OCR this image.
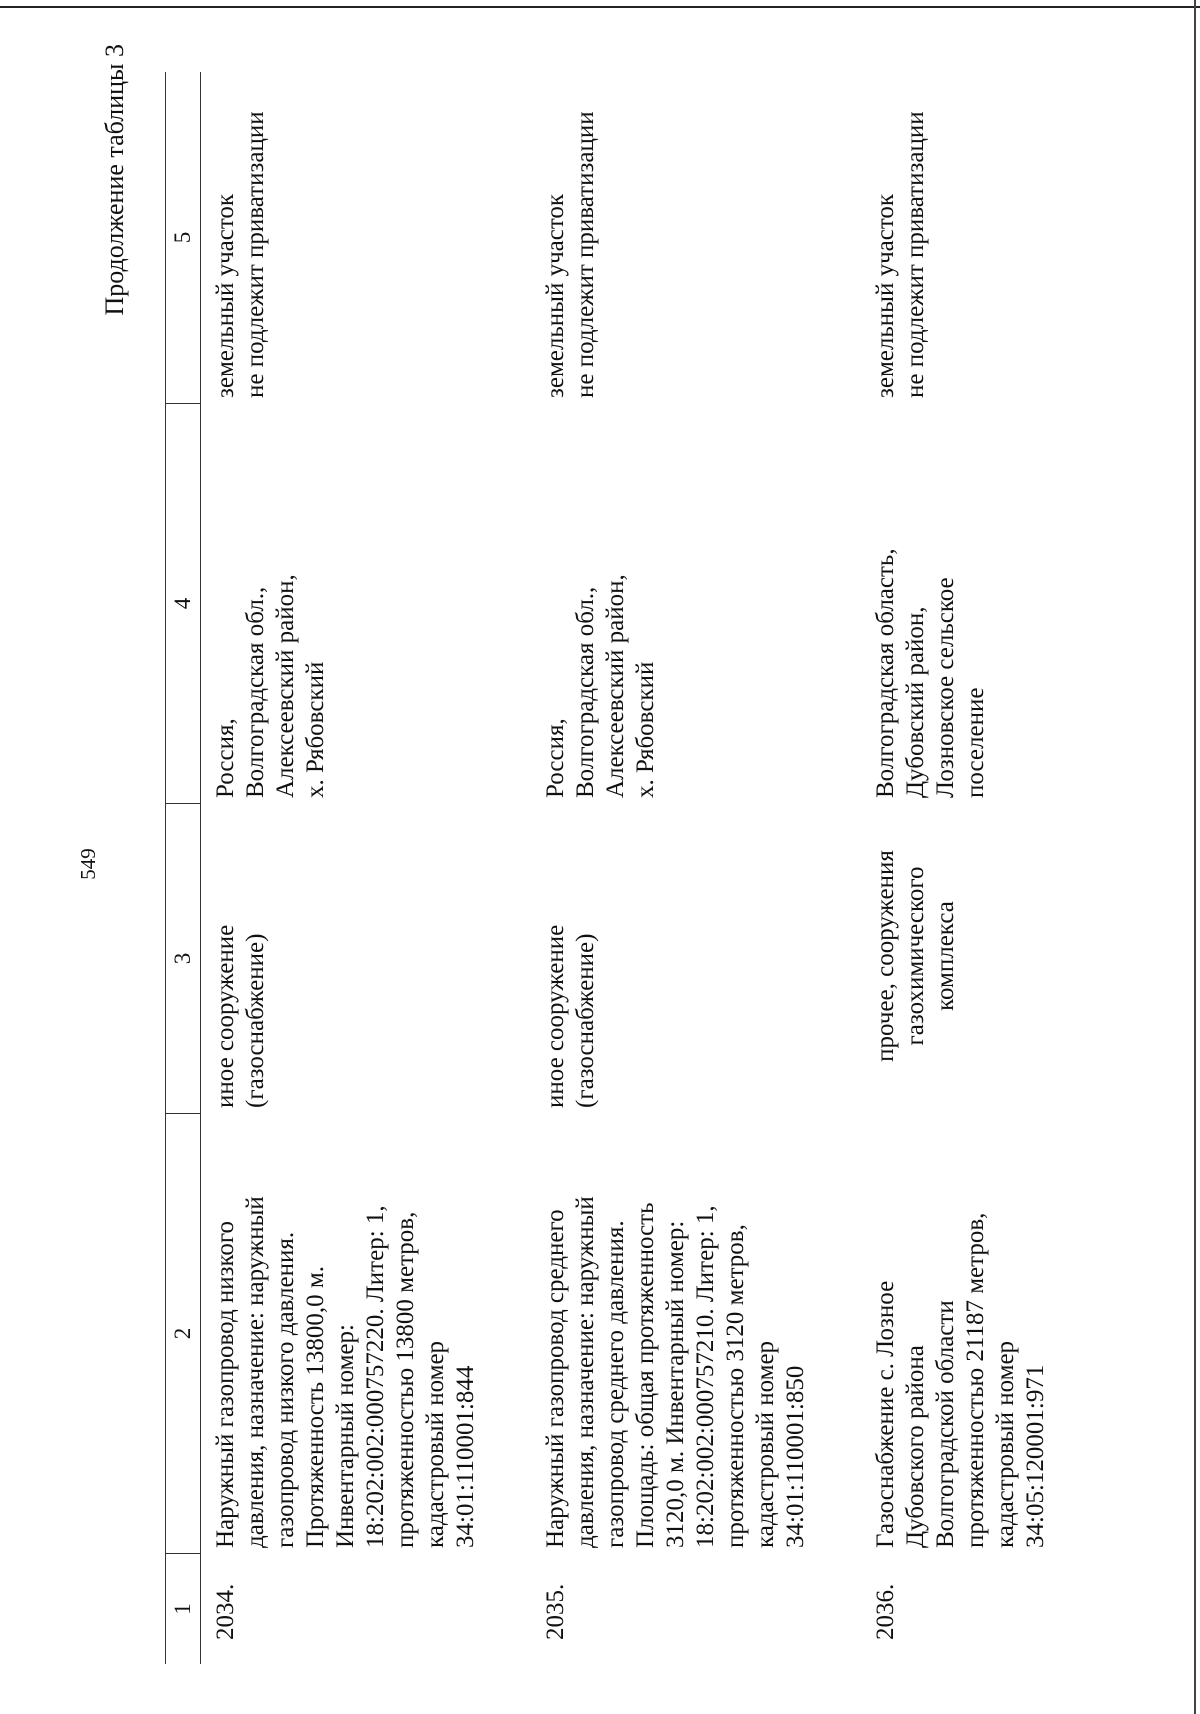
549
Продолжение таблицы 3
1
2
3
4
5
2034.
Наружный газопровод низкого
давления, назначение: наружный
газопровод низкого давления.
Протяженность 13800,0 м.
Инвентарный номер:
18:202:002:000757220. Литер: 1,
протяженностью 13800 метров,
кадастровый номер
34:01:110001:844
иное сооружение
(газоснабжение)
Россия,
Волгоградская обл.,
Алексеевский район,
х. Рябовский
земельный участок
не подлежит приватизации
2035.
Наружный газопровод среднего
давления, назначение: наружный
газопровод среднего давления.
Площадь: общая протяженность
3120,0 м. Инвентарный номер:
18:202:002:000757210. Литер: 1,
протяженностью 3120 метров,
кадастровый номер
34:01:110001:850
иное сооружение
(газоснабжение)
Россия,
Волгоградская обл.,
Алексеевский район,
х. Рябовский
земельный участок
не подлежит приватизации
2036.
Газоснабжение с. Лозное
Дубовского района
Волгоградской области
протяженностью 21187 метров,
кадастровый номер
34:05:120001:971
прочее, сооружения
газохимического
комплекса
Волгоградская область,
Дубовский район,
Лозновское сельское
поселение
земельный участок
не подлежит приватизации
